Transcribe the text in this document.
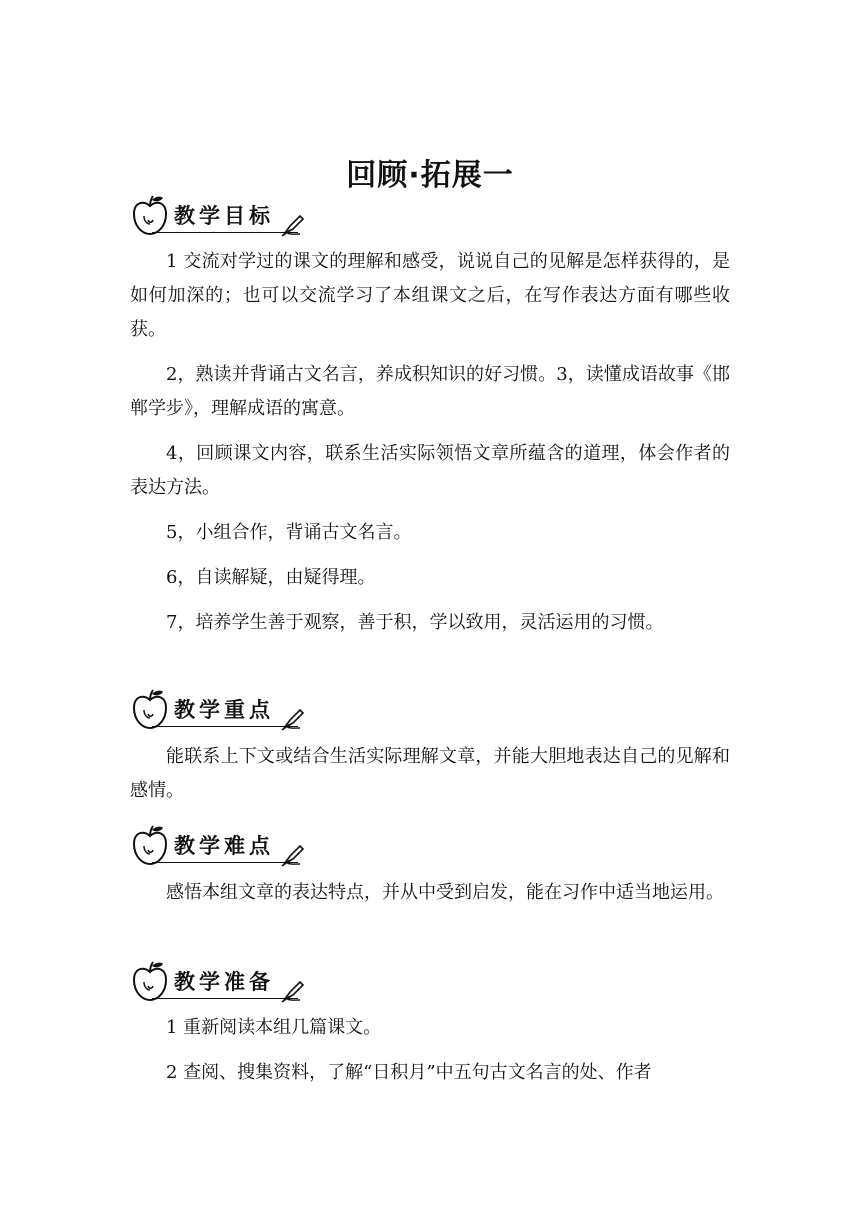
回顾·拓展一
教学目标

1 交流对学过的课文的理解和感受，说说自己的见解是怎样获得的，是如何加深的；也可以交流学习了本组课文之后，在写作表达方面有哪些收获。

2，熟读并背诵古文名言，养成积知识的好习惯。3，读懂成语故事《邯郸学步》，理解成语的寓意。

4，回顾课文内容，联系生活实际领悟文章所蕴含的道理，体会作者的表达方法。

5，小组合作，背诵古文名言。

6，自读解疑，由疑得理。

7，培养学生善于观察，善于积，学以致用，灵活运用的习惯。

教学重点

能联系上下文或结合生活实际理解文章，并能大胆地表达自己的见解和感情。

教学难点

感悟本组文章的表达特点，并从中受到启发，能在习作中适当地运用。

教学准备

1 重新阅读本组几篇课文。

2 查阅、搜集资料，了解“日积月”中五句古文名言的处、作者
